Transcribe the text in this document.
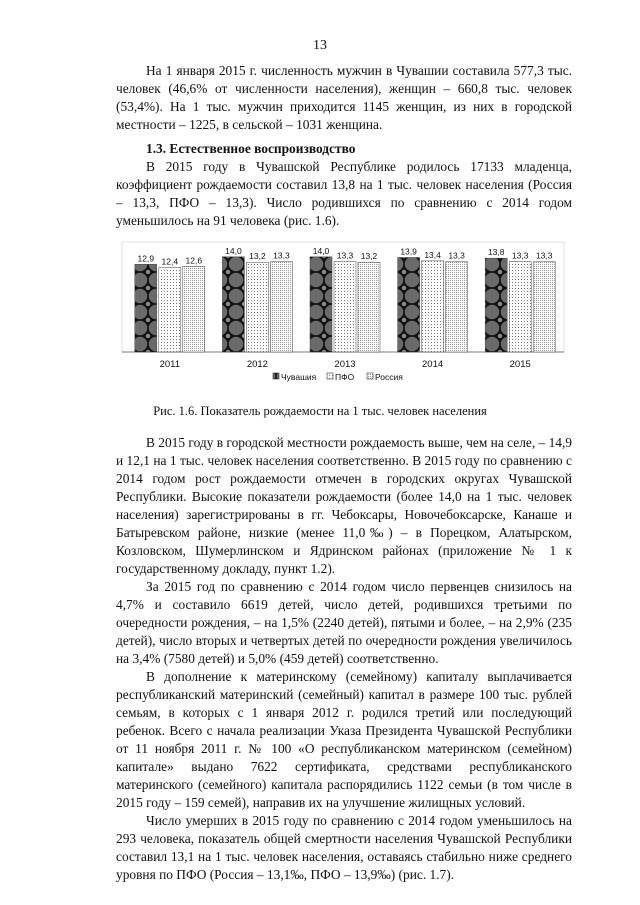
13

На 1 января 2015 г. численность мужчин в Чувашии составила 577,3 тыс. человек (46,6% от численности населения), женщин – 660,8 тыс. человек (53,4%). На 1 тыс. мужчин приходится 1145 женщин, из них в городской местности – 1225, в сельской – 1031 женщина.

1.3. Естественное воспроизводство

В 2015 году в Чувашской Республике родилось 17133 младенца, коэффициент рождаемости составил 13,8 на 1 тыс. человек населения (Россия – 13,3, ПФО – 13,3). Число родившихся по сравнению с 2014 годом уменьшилось на 91 человека (рис. 1.6).

12,9 12,4 12,6
2011
14,0
13,2 13,3
2012
14,0 13,3 13,2
2013
13,9 13,4 13,3
2014
13,8 13,3 13,3
2015
Чувашия ПФО Россия
Рис. 1.6. Показатель рождаемости на 1 тыс. человек населения

В 2015 году в городской местности рождаемость выше, чем на селе, – 14,9 и 12,1 на 1 тыс. человек населения соответственно. В 2015 году по сравнению с 2014 годом рост рождаемости отмечен в городских округах Чувашской Республики. Высокие показатели рождаемости (более 14,0 на 1 тыс. человек населения) зарегистрированы в гг. Чебоксары, Новочебоксарске, Канаше и Батыревском районе, низкие (менее 11,0‰) – в Порецком, Алатырском, Козловском, Шумерлинском и Ядринском районах (приложение № 1 к государственному докладу, пункт 1.2).

За 2015 год по сравнению с 2014 годом число первенцев снизилось на 4,7% и составило 6619 детей, число детей, родившихся третьими по очередности рождения, – на 1,5% (2240 детей), пятыми и более, – на 2,9% (235 детей), число вторых и четвертых детей по очередности рождения увеличилось на 3,4% (7580 детей) и 5,0% (459 детей) соответственно.

В дополнение к материнскому (семейному) капиталу выплачивается республиканский материнский (семейный) капитал в размере 100 тыс. рублей семьям, в которых с 1 января 2012 г. родился третий или последующий ребенок. Всего с начала реализации Указа Президента Чувашской Республики от 11 ноября 2011 г. № 100 «О республиканском материнском (семейном) капитале» выдано 7622 сертификата, средствами республиканского материнского (семейного) капитала распорядились 1122 семьи (в том числе в 2015 году – 159 семей), направив их на улучшение жилищных условий.

Число умерших в 2015 году по сравнению с 2014 годом уменьшилось на 293 человека, показатель общей смертности населения Чувашской Республики составил 13,1 на 1 тыс. человек населения, оставаясь стабильно ниже среднего уровня по ПФО (Россия – 13,1‰, ПФО – 13,9‰) (рис. 1.7).
